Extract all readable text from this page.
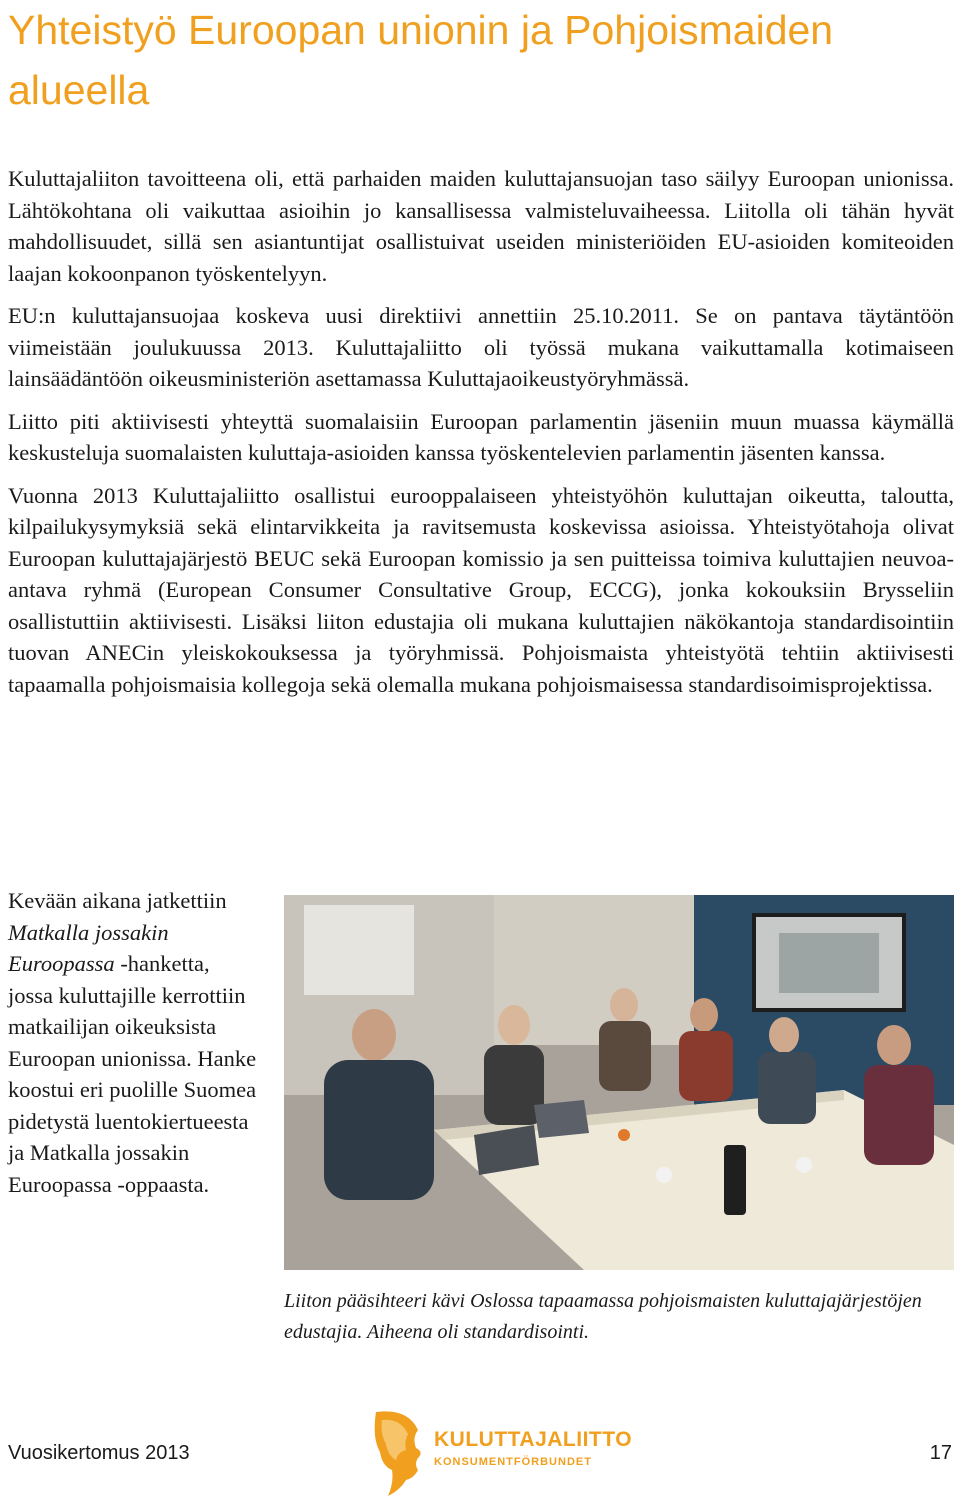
Yhteistyö Euroopan unionin ja Pohjoismaiden
alueella

Kuluttajaliiton tavoitteena oli, että parhaiden maiden kuluttajansuojan taso säilyy Euroopan unionissa. Lähtökohtana oli vaikuttaa asioihin jo kansallisessa valmisteluvaiheessa. Liitolla oli tähän hyvät mahdollisuudet, sillä sen asiantuntijat osallistuivat useiden ministeriöiden EU-asioiden komiteoiden laajan kokoonpanon työskentelyyn.

EU:n kuluttajansuojaa koskeva uusi direktiivi annettiin 25.10.2011. Se on pantava täytäntöön viimeistään joulukuussa 2013. Kuluttajaliitto oli työssä mukana vaikuttamalla kotimaiseen lainsäädäntöön oikeusministeriön asettamassa Kuluttajaoikeustyöryhmässä.

Liitto piti aktiivisesti yhteyttä suomalaisiin Euroopan parlamentin jäseniin muun muassa käymällä keskusteluja suomalaisten kuluttaja-asioiden kanssa työskentelevien parlamentin jäsenten kanssa.

Vuonna 2013 Kuluttajaliitto osallistui eurooppalaiseen yhteistyöhön kuluttajan oikeutta, taloutta, kilpailukysymyksiä sekä elintarvikkeita ja ravitsemusta koskevissa asioissa. Yhteistyötahoja olivat Euroopan kuluttajajärjestö BEUC sekä Euroopan komissio ja sen puitteissa toimiva kuluttajien neuvoa-antava ryhmä (European Consumer Consultative Group, ECCG), jonka kokouksiin Brysseliin osallistuttiin aktiivisesti. Lisäksi liiton edustajia oli mukana kuluttajien näkökantoja standardisointiin tuovan ANECin yleiskokouksessa ja työryhmissä. Pohjoismaista yhteistyötä tehtiin aktiivisesti tapaamalla pohjoismaisia kollegoja sekä olemalla mukana pohjoismaisessa standardisoimisprojektissa.

Kevään aikana jatkettiin Matkalla jossakin Euroopassa -hanketta, jossa kuluttajille kerrottiin matkailijan oikeuksista Euroopan unionissa. Hanke koostui eri puolille Suomea pidetystä luentokiertueesta ja Matkalla jossakin Euroopassa -oppaasta.

Liiton pääsihteeri kävi Oslossa tapaamassa pohjoismaisten kuluttajajärjestöjen edustajia. Aiheena oli standardisointi.

Vuosikertomus 2013
KULUTTAJALIITTO
KONSUMENTFÖRBUNDET	17
